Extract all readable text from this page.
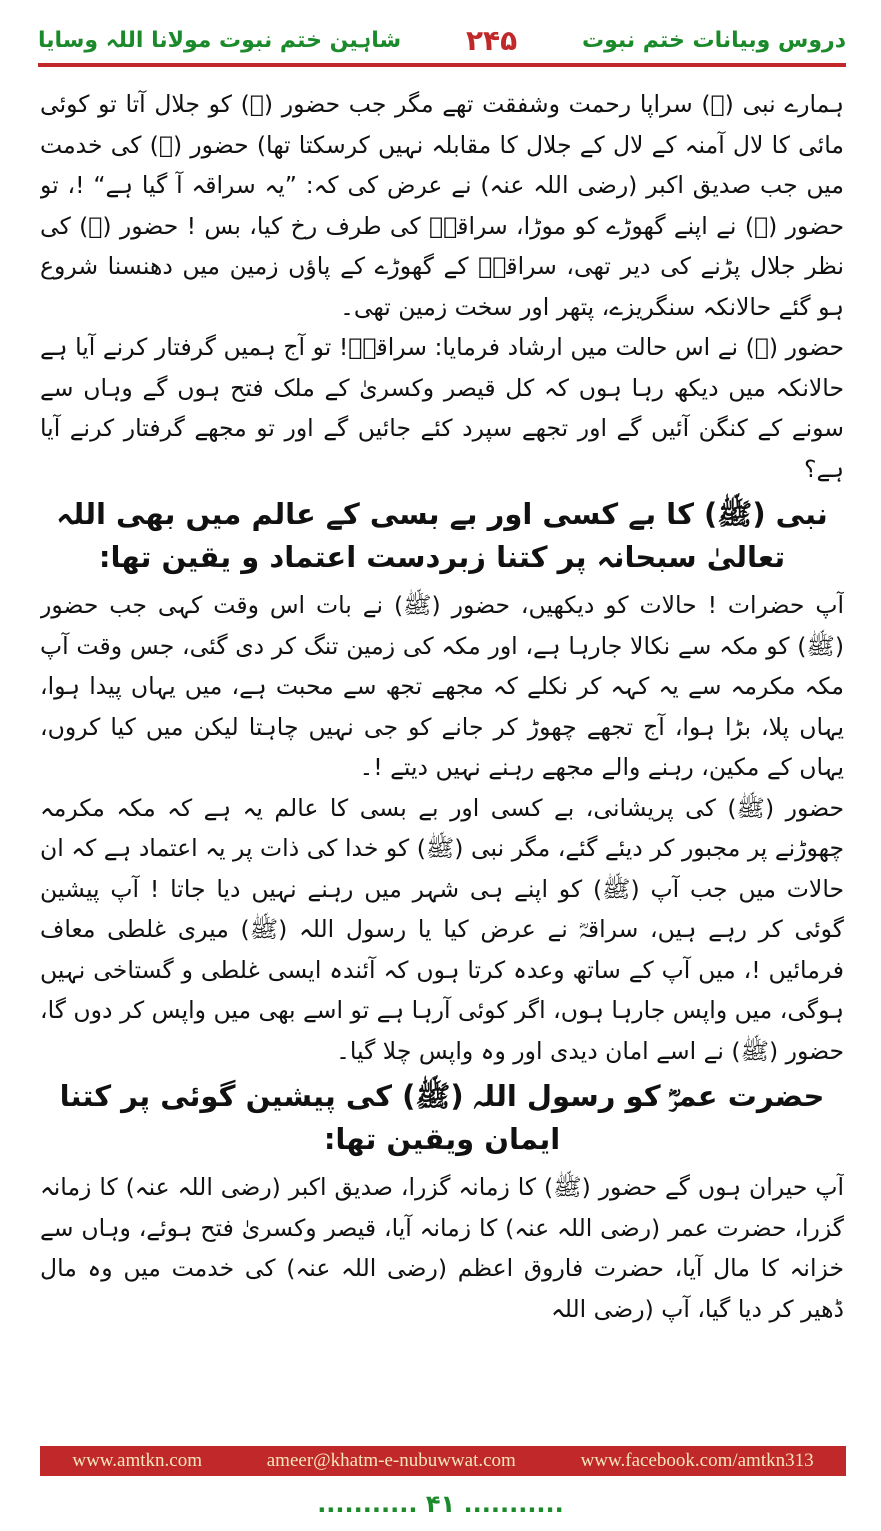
شاہین ختم نبوت مولانا اللہ وسایا ۲۴۵	دروس وبیانات ختم نبوت

ہمارے نبی (ﷺ) سراپا رحمت وشفقت تھے مگر جب حضور (ﷺ) کو جلال آتا تو کوئی مائی کا لال آمنہ کے لال کے جلال کا مقابلہ نہیں کرسکتا تھا) حضور (ﷺ) کی خدمت میں جب صدیق اکبر (رضی اللہ عنہ) نے عرض کی کہ: ”یہ سراقہ آ گیا ہے“ !، تو حضور (ﷺ) نے اپنے گھوڑے کو موڑا، سراقہؓ کی طرف رخ کیا، بس ! حضور (ﷺ) کی نظر جلال پڑنے کی دیر تھی، سراقہؓ کے گھوڑے کے پاؤں زمین میں دھنسنا شروع ہو گئے حالانکہ سنگریزے، پتھر اور سخت زمین تھی۔

حضور (ﷺ) نے اس حالت میں ارشاد فرمایا: سراقہؓ! تو آج ہمیں گرفتار کرنے آیا ہے حالانکہ میں دیکھ رہا ہوں کہ کل قیصر وکسریٰ کے ملک فتح ہوں گے وہاں سے سونے کے کنگن آئیں گے اور تجھے سپرد کئے جائیں گے اور تو مجھے گرفتار کرنے آیا ہے؟

نبی (ﷺ) کا بے کسی اور بے بسی کے عالم میں بھی اللہ تعالیٰ سبحانہ پر کتنا زبردست اعتماد و یقین تھا:

آپ حضرات ! حالات کو دیکھیں، حضور (ﷺ) نے بات اس وقت کہی جب حضور (ﷺ) کو مکہ سے نکالا جارہا ہے، اور مکہ کی زمین تنگ کر دی گئی، جس وقت آپ مکہ مکرمہ سے یہ کہہ کر نکلے کہ مجھے تجھ سے محبت ہے، میں یہاں پیدا ہوا، یہاں پلا، بڑا ہوا، آج تجھے چھوڑ کر جانے کو جی نہیں چاہتا لیکن میں کیا کروں، یہاں کے مکین، رہنے والے مجھے رہنے نہیں دیتے !۔

حضور (ﷺ) کی پریشانی، بے کسی اور بے بسی کا عالم یہ ہے کہ مکہ مکرمہ چھوڑنے پر مجبور کر دیئے گئے، مگر نبی (ﷺ) کو خدا کی ذات پر یہ اعتماد ہے کہ ان حالات میں جب آپ (ﷺ) کو اپنے ہی شہر میں رہنے نہیں دیا جاتا ! آپ پیشین گوئی کر رہے ہیں، سراقہؓ نے عرض کیا یا رسول اللہ (ﷺ) میری غلطی معاف فرمائیں !، میں آپ کے ساتھ وعدہ کرتا ہوں کہ آئندہ ایسی غلطی و گستاخی نہیں ہوگی، میں واپس جارہا ہوں، اگر کوئی آرہا ہے تو اسے بھی میں واپس کر دوں گا، حضور (ﷺ) نے اسے امان دیدی اور وہ واپس چلا گیا۔

حضرت عمرؓ کو رسول اللہ (ﷺ) کی پیشین گوئی پر کتنا ایمان ویقین تھا:

آپ حیران ہوں گے حضور (ﷺ) کا زمانہ گزرا، صدیق اکبر (رضی اللہ عنہ) کا زمانہ گزرا، حضرت عمر (رضی اللہ عنہ) کا زمانہ آیا، قیصر وکسریٰ فتح ہوئے، وہاں سے خزانہ کا مال آیا، حضرت فاروق اعظم (رضی اللہ عنہ) کی خدمت میں وہ مال ڈھیر کر دیا گیا، آپ (رضی اللہ

www.amtkn.com	ameer@khatm-e-nubuwwat.com	www.facebook.com/amtkn313
........... ۴۱ ...........
